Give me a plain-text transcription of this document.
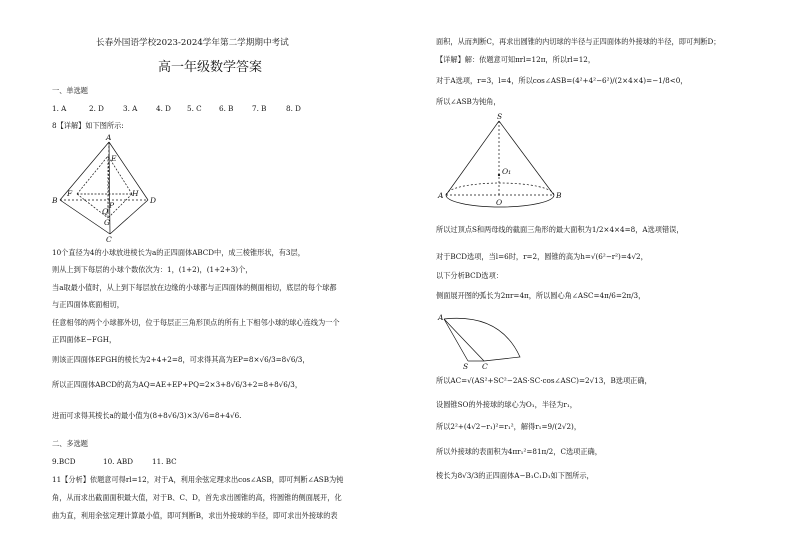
长春外国语学校2023-2024学年第二学期期中考试
高一年级数学答案
一、单选题
1. A	2. D	3. A	4. D 5. C 6. B	7. B	8. D
8【详解】如下图所示:
A
E
F	H
B	D
P
Q
G
C
10个直径为4的小球放进棱长为a的正四面体ABCD中，成三棱锥形状，有3层，
则从上到下每层的小球个数依次为：1，(1+2)，(1+2+3)个，
当a取最小值时，从上到下每层放在边缘的小球都与正四面体的侧面相切，底层的每个球都
与正四面体底面相切，
任意相邻的两个小球都外切，位于每层正三角形顶点的所有上下相邻小球的球心连线为一个
正四面体E−FGH，
则该正四面体EFGH的棱长为2+4+2=8，可求得其高为EP=8×√6/3=8√6/3，
所以正四面体ABCD的高为AQ=AE+EP+PQ=2×3+8√6/3+2=8+8√6/3，
进而可求得其棱长a的最小值为(8+8√6/3)×3/√6=8+4√6.
二、多选题
9.BCD	10. ABD	11. BC
11【分析】依题意可得rl=12，对于A，利用余弦定理求出cos∠ASB，即可判断∠ASB为钝
角，从而求出截面面积最大值，对于B、C、D，首先求出圆锥的高，将圆锥的侧面展开，化
曲为直，利用余弦定理计算最小值，即可判断B，求出外接球的半径，即可求出外接球的表
面积，从而判断C，再求出圆锥的内切球的半径与正四面体的外接球的半径，即可判断D；
【详解】解：依题意可知πrl=12π，所以rl=12，
对于A选项，r=3，l=4，所以cos∠ASB=(4²+4²−6²)/(2×4×4)=−1/8<0，
所以∠ASB为钝角，
S
O₁
A
O
B
所以过顶点S和两母线的截面三角形的最大面积为1/2×4×4=8，A选项错误，
对于BCD选项，当l=6时，r=2，圆锥的高为h=√(6²−r²)=4√2，
以下分析BCD选项：
侧面展开图的弧长为2πr=4π，所以圆心角∠ASC=4π/6=2π/3，
A
S C
所以AC=√(AS²+SC²−2AS·SC·cos∠ASC)=2√13，B选项正确，
设圆锥SO的外接球的球心为O₁，半径为r₁，
所以2²+(4√2−r₁)²=r₁²，解得r₁=9/(2√2)，
所以外接球的表面积为4πr₁²=81π/2，C选项正确，
棱长为8√3/3的正四面体A−B₁C₁D₁如下图所示，
